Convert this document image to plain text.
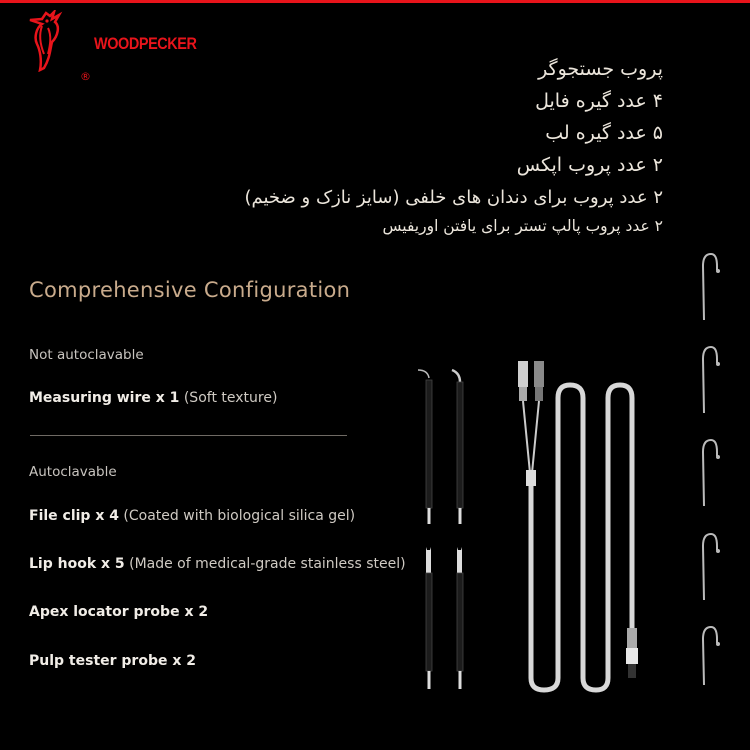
WOODPECKER
®	پروب جستجوگر
۴ عدد گیره فایل
۵ عدد گیره لب
۲ عدد پروب اپکس
۲ عدد پروب برای دندان های خلفی (سایز نازک و ضخیم)
۲ عدد پروب پالپ تستر برای یافتن اوریفیس
Comprehensive Configuration
Not autoclavable
Measuring wire x 1 (Soft texture)
Autoclavable
File clip x 4 (Coated with biological silica gel)
Lip hook x 5 (Made of medical-grade stainless steel)
Apex locator probe x 2
Pulp tester probe x 2
